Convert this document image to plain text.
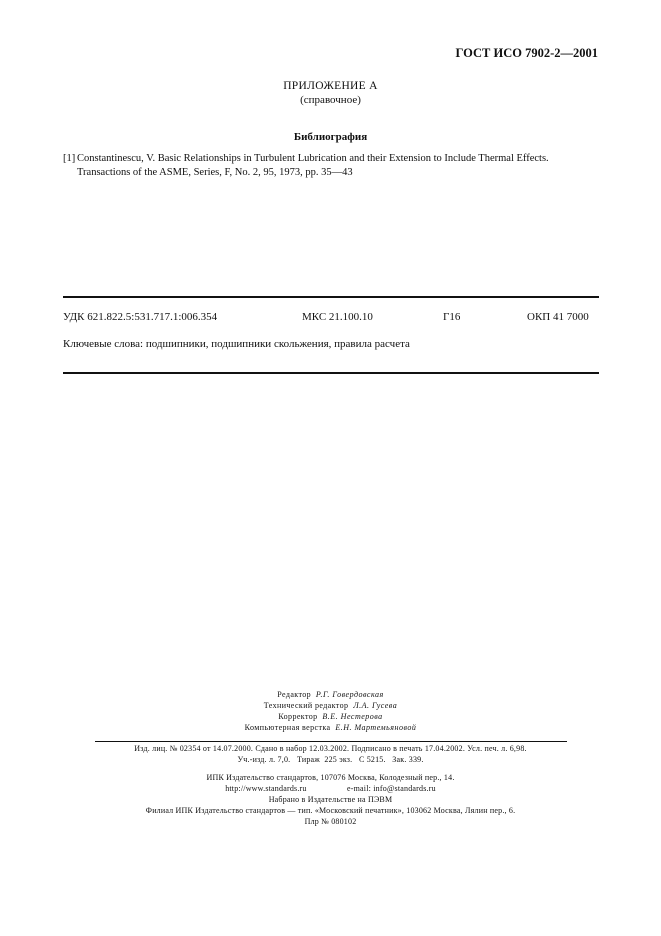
ГОСТ ИСО 7902-2—2001
ПРИЛОЖЕНИЕ А
(справочное)
Библиография
[1] Constantinescu, V. Basic Relationships in Turbulent Lubrication and their Extension to Include Thermal Effects.
Transactions of the ASME, Series, F, No. 2, 95, 1973, pp. 35—43
УДК 621.822.5:531.717.1:006.354	МКС 21.100.10	Г16	ОКП 41 7000
Ключевые слова: подшипники, подшипники скольжения, правила расчета
Редактор Р.Г. Говердовская
Технический редактор Л.А. Гусева
Корректор В.Е. Нестерова
Компьютерная верстка Е.Н. Мартемьяновой
Изд. лиц. № 02354 от 14.07.2000. Сдано в набор 12.03.2002. Подписано в печать 17.04.2002. Усл. печ. л. 6,98.
Уч.-изд. л. 7,0.   Тираж  225 экз.   С 5215.   Зак. 339.
ИПК Издательство стандартов, 107076 Москва, Колодезный пер., 14.
http://www.standards.ru	e-mail: info@standards.ru
Набрано в Издательстве на ПЭВМ
Филиал ИПК Издательство стандартов — тип. «Московский печатник», 103062 Москва, Лялин пер., 6.
Плр № 080102
